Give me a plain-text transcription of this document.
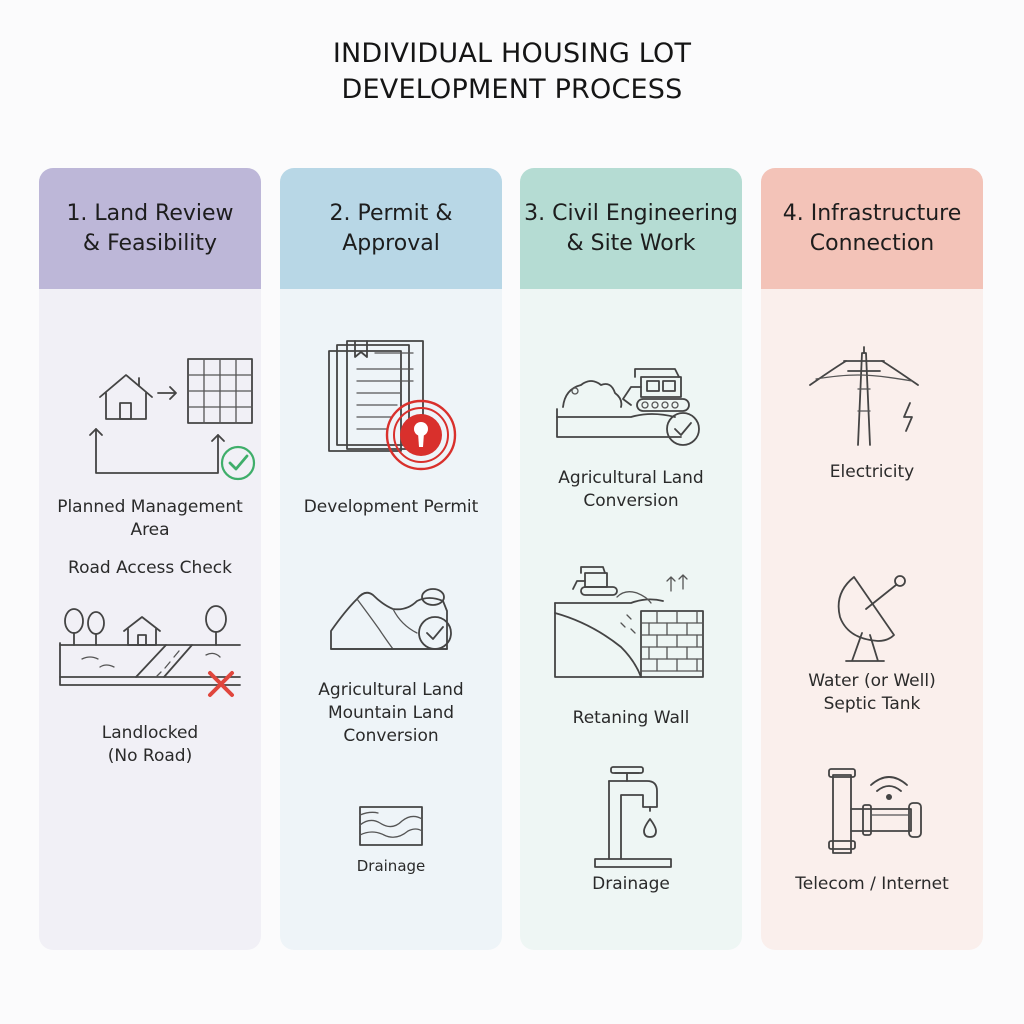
INDIVIDUAL HOUSING LOT
DEVELOPMENT PROCESS
1. Land Review
& Feasibility
Planned Management
Area
Road Access Check
Landlocked
(No Road)
2. Permit &
Approval
Development Permit
Agricultural Land
Mountain Land
Conversion
Drainage
3. Civil Engineering
& Site Work
Agricultural Land
Conversion
Retaning Wall
Drainage
4. Infrastructure
Connection
Electricity
Water (or Well)
Septic Tank
Telecom / Internet
